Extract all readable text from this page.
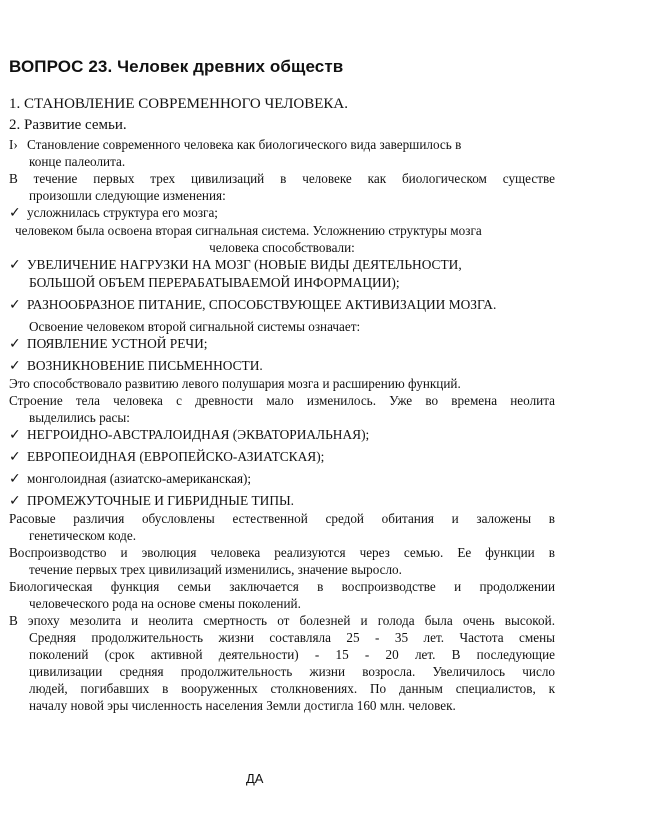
ВОПРОС 23. Человек древних обществ
1. СТАНОВЛЕНИЕ СОВРЕМЕННОГО ЧЕЛОВЕКА.
2. Развитие семьи.
I› Становление современного человека как биологического вида завершилось в
конце палеолита.
В течение первых трех цивилизаций в человеке как биологическом существе
произошли следующие изменения:
✓ усложнилась структура его мозга;
человеком была освоена вторая сигнальная система. Усложнению структуры мозга
человека способствовали:
✓ УВЕЛИЧЕНИЕ НАГРУЗКИ НА МОЗГ (НОВЫЕ ВИДЫ ДЕЯТЕЛЬНОСТИ,
БОЛЬШОЙ ОБЪЕМ ПЕРЕРАБАТЫВАЕМОЙ ИНФОРМАЦИИ);
✓ РАЗНООБРАЗНОЕ ПИТАНИЕ, СПОСОБСТВУЮЩЕЕ АКТИВИЗАЦИИ МОЗГА.
Освоение человеком второй сигнальной системы означает:
✓ ПОЯВЛЕНИЕ УСТНОЙ РЕЧИ;
✓ ВОЗНИКНОВЕНИЕ ПИСЬМЕННОСТИ.
Это способствовало развитию левого полушария мозга и расширению функций.
Строение тела человека с древности мало изменилось. Уже во времена неолита
выделились расы:
✓ НЕГРОИДНО-АВСТРАЛОИДНАЯ (ЭКВАТОРИАЛЬНАЯ);
✓ ЕВРОПЕОИДНАЯ (ЕВРОПЕЙСКО-АЗИАТСКАЯ);
✓ монголоидная (азиатско-американская);
✓ ПРОМЕЖУТОЧНЫЕ И ГИБРИДНЫЕ ТИПЫ.
Расовые различия обусловлены естественной средой обитания и заложены в
генетическом коде.
Воспроизводство и эволюция человека реализуются через семью. Ее функции в
течение первых трех цивилизаций изменились, значение выросло.
Биологическая функция семьи заключается в воспроизводстве и продолжении
человеческого рода на основе смены поколений.
В эпоху мезолита и неолита смертность от болезней и голода была очень высокой.
Средняя продолжительность жизни составляла 25 - 35 лет. Частота смены
поколений (срок активной деятельности) - 15 - 20 лет. В последующие
цивилизации средняя продолжительность жизни возросла. Увеличилось число
людей, погибавших в вооруженных столкновениях. По данным специалистов, к
началу новой эры численность населения Земли достигла 160 млн. человек.
ДА
